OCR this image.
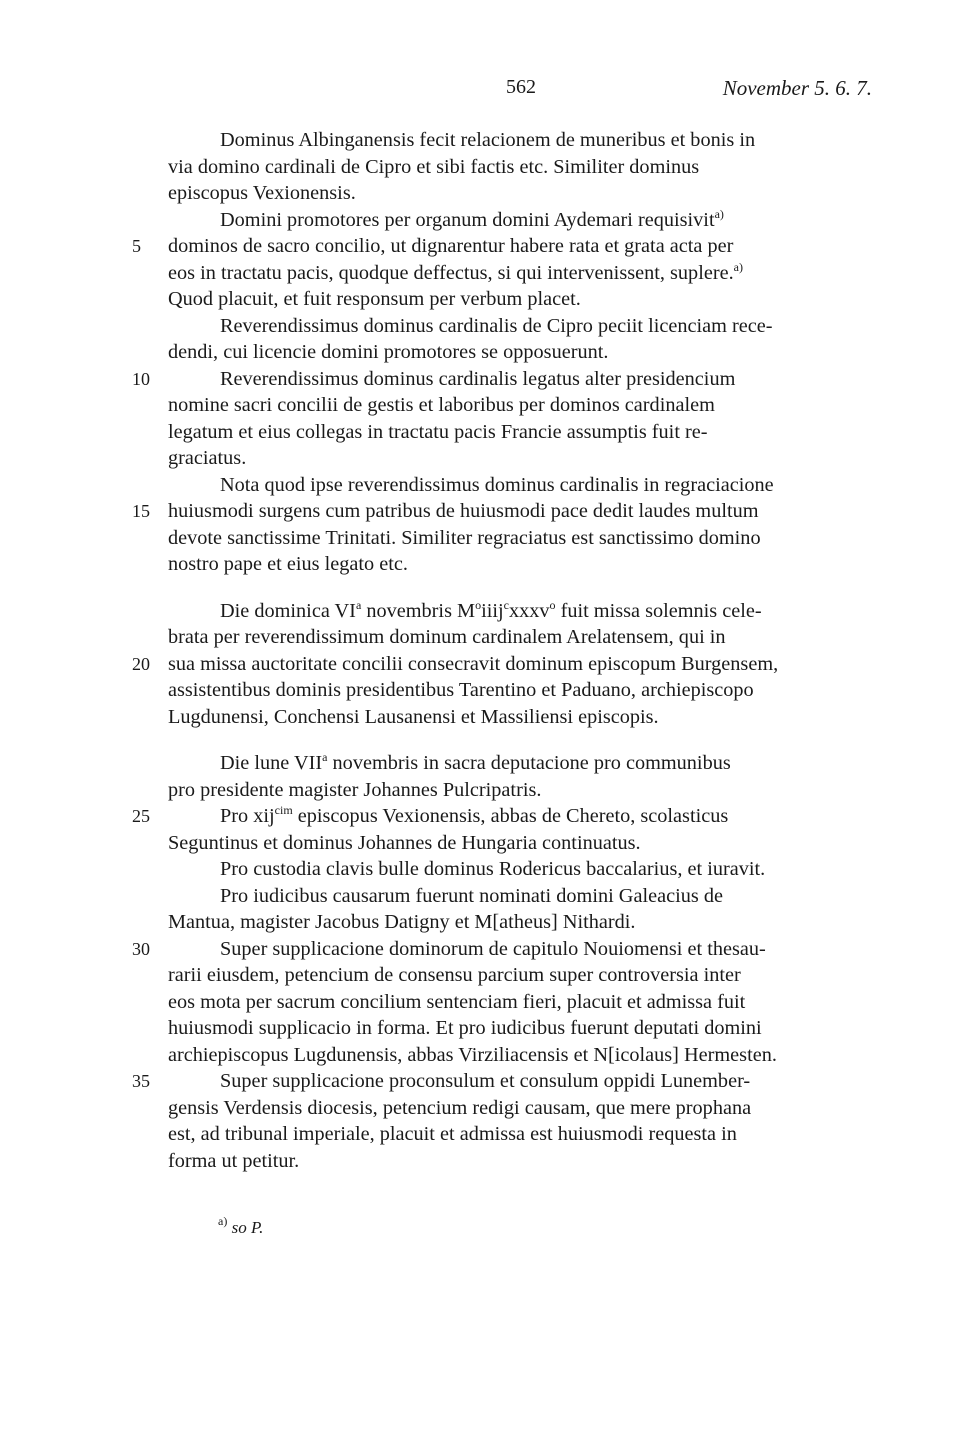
562	November 5. 6. 7.
Dominus Albinganensis fecit relacionem de muneribus et bonis in
via domino cardinali de Cipro et sibi factis etc. Similiter dominus
episcopus Vexionensis.
Domini promotores per organum domini Aydemari requisivit$^{a)}$
5	dominos de sacro concilio, ut dignarentur habere rata et grata acta per
eos in tractatu pacis, quodque deffectus, si qui intervenissent, suplere.$^{a)}$
Quod placuit, et fuit responsum per verbum placet.
Reverendissimus dominus cardinalis de Cipro peciit licenciam rece-
dendi, cui licencie domini promotores se opposuerunt.
10	Reverendissimus dominus cardinalis legatus alter presidencium
nomine sacri concilii de gestis et laboribus per dominos cardinalem
legatum et eius collegas in tractatu pacis Francie assumptis fuit re-
graciatus.
Nota quod ipse reverendissimus dominus cardinalis in regraciacione
15 huiusmodi surgens cum patribus de huiusmodi pace dedit laudes multum
devote sanctissime Trinitati. Similiter regraciatus est sanctissimo domino
nostro pape et eius legato etc.
Die dominica $VI^a$ novembris $M^oiiij^cxxxv^o$ fuit missa solemnis cele-
brata per reverendissimum dominum cardinalem Arelatensem, qui in
20 sua missa auctoritate concilii consecravit dominum episcopum Burgensem,
assistentibus dominis presidentibus Tarentino et Paduano, archiepiscopo
Lugdunensi, Conchensi Lausanensi et Massiliensi episcopis.
Die lune VII$^a$ novembris in sacra deputacione pro communibus
pro presidente magister Johannes Pulcripatris.
25	Pro xij$^{cim}$ episcopus Vexionensis, abbas de Chereto, scolasticus
Seguntinus et dominus Johannes de Hungaria continuatus.
Pro custodia clavis bulle dominus Rodericus baccalarius, et iuravit.
Pro iudicibus causarum fuerunt nominati domini Galeacius de
Mantua, magister Jacobus Datigny et M[atheus] Nithardi.
30	Super supplicacione dominorum de capitulo Nouiomensi et thesau-
rarii eiusdem, petencium de consensu parcium super controversia inter
eos mota per sacrum concilium sentenciam fieri, placuit et admissa fuit
huiusmodi supplicacio in forma. Et pro iudicibus fuerunt deputati domini
archiepiscopus Lugdunensis, abbas Virziliacensis et N[icolaus] Hermesten.
35	Super supplicacione proconsulum et consulum oppidi Lunember-
gensis Verdensis diocesis, petencium redigi causam, que mere prophana
est, ad tribunal imperiale, placuit et admissa est huiusmodi requesta in
forma ut petitur.
$^{a)}$ so P.
